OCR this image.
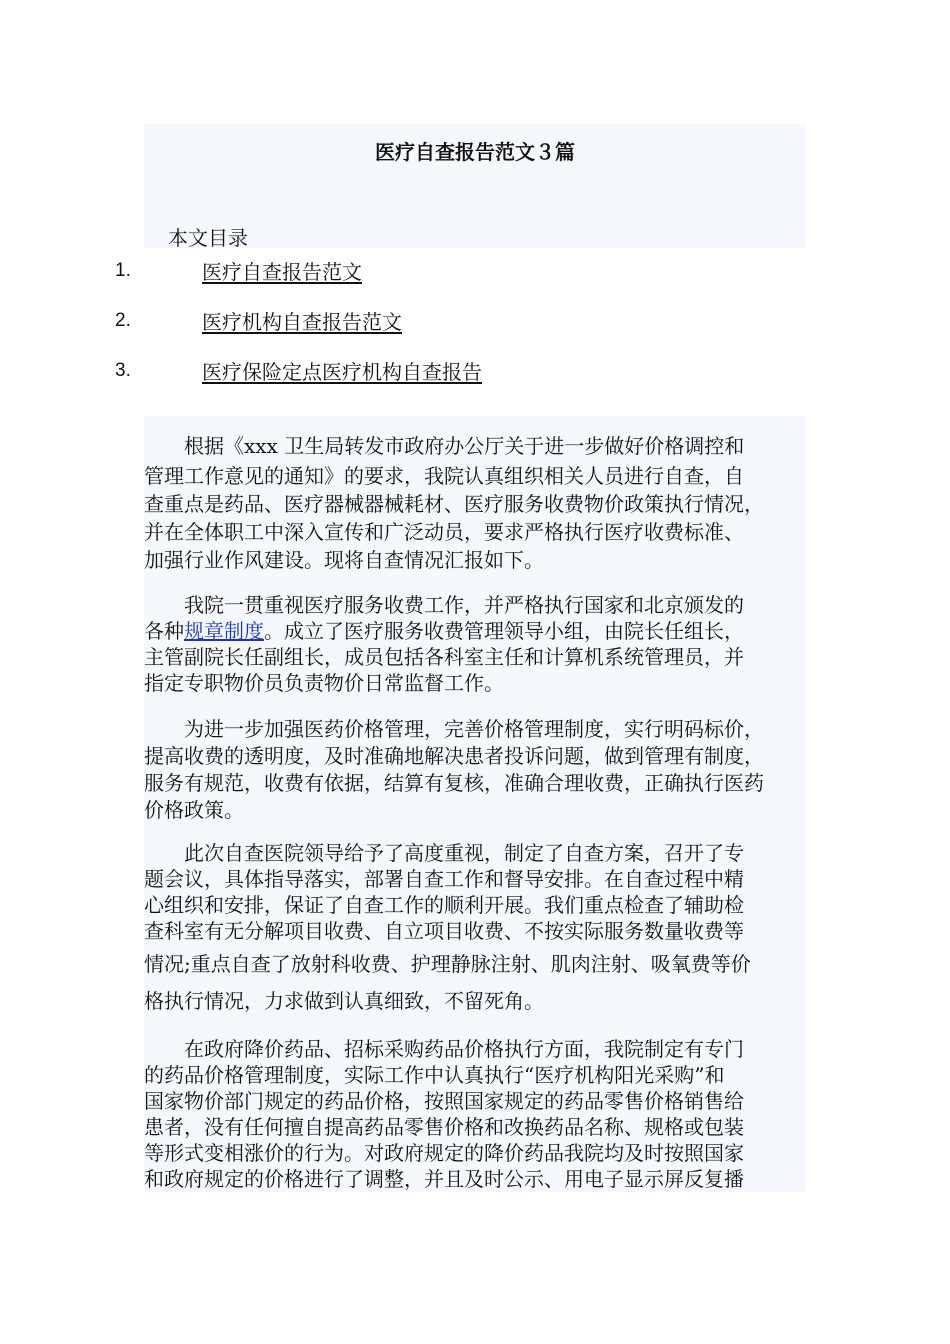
医疗自查报告范文３篇
本文目录
1.	医疗自查报告范文
2.	医疗机构自查报告范文
3.	医疗保险定点医疗机构自查报告
　　根据《xxx 卫生局转发市政府办公厅关于进一步做好价格调控和
管理工作意见的通知》的要求，我院认真组织相关人员进行自查，自
查重点是药品、医疗器械器械耗材、医疗服务收费物价政策执行情况，
并在全体职工中深入宣传和广泛动员，要求严格执行医疗收费标准、
加强行业作风建设。现将自查情况汇报如下。
　　我院一贯重视医疗服务收费工作，并严格执行国家和北京颁发的
各种规章制度。成立了医疗服务收费管理领导小组，由院长任组长，
主管副院长任副组长，成员包括各科室主任和计算机系统管理员，并
指定专职物价员负责物价日常监督工作。
　　为进一步加强医药价格管理，完善价格管理制度，实行明码标价，
提高收费的透明度，及时准确地解决患者投诉问题，做到管理有制度，
服务有规范，收费有依据，结算有复核，准确合理收费，正确执行医药
价格政策。
　　此次自查医院领导给予了高度重视，制定了自查方案，召开了专
题会议，具体指导落实，部署自查工作和督导安排。在自查过程中精
心组织和安排，保证了自查工作的顺利开展。我们重点检查了辅助检
查科室有无分解项目收费、自立项目收费、不按实际服务数量收费等
情况;重点自查了放射科收费、护理静脉注射、肌肉注射、吸氧费等价
格执行情况，力求做到认真细致，不留死角。
　　在政府降价药品、招标采购药品价格执行方面，我院制定有专门
的药品价格管理制度，实际工作中认真执行“医疗机构阳光采购”和
国家物价部门规定的药品价格，按照国家规定的药品零售价格销售给
患者，没有任何擅自提高药品零售价格和改换药品名称、规格或包装
等形式变相涨价的行为。对政府规定的降价药品我院均及时按照国家
和政府规定的价格进行了调整，并且及时公示、用电子显示屏反复播
